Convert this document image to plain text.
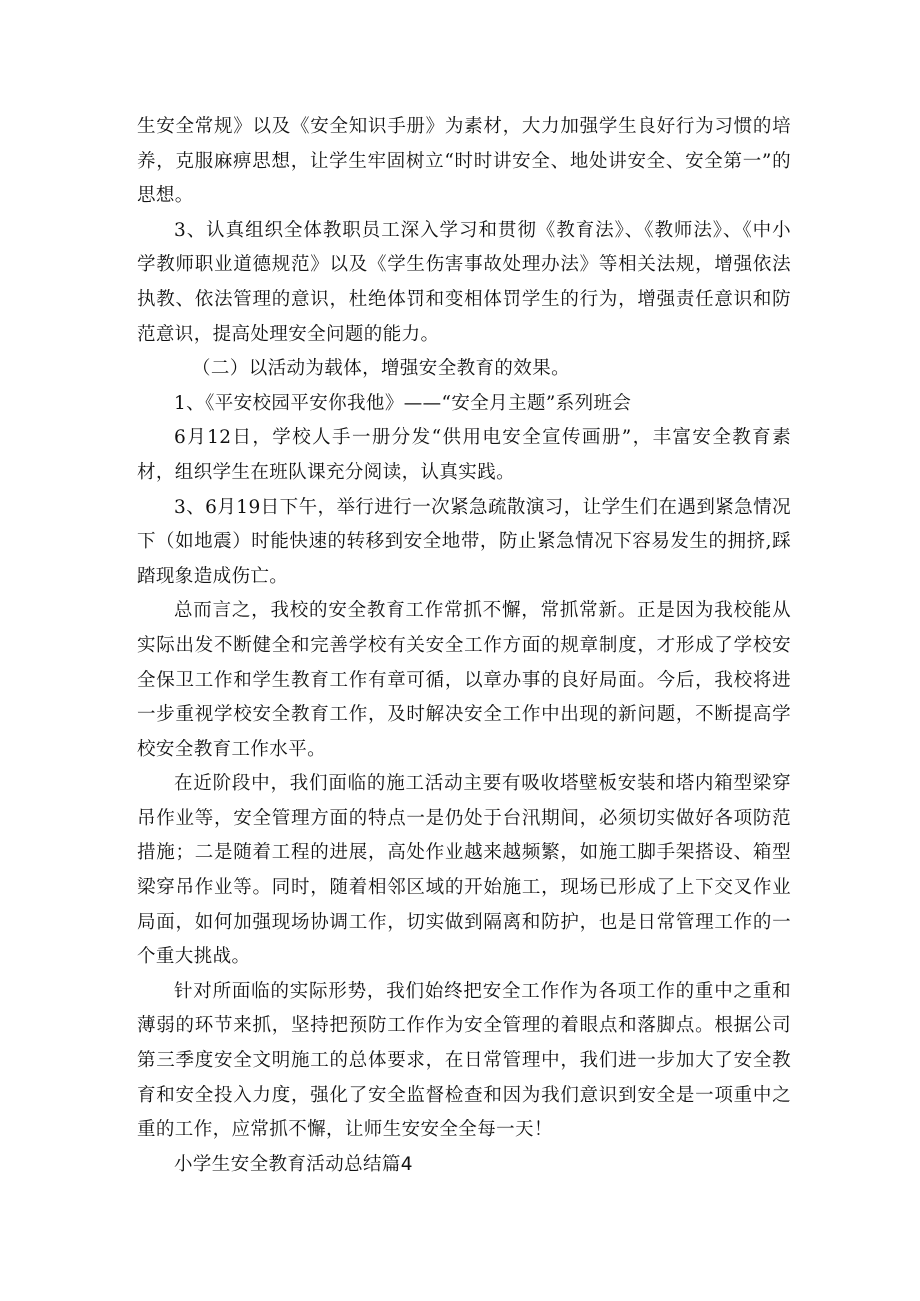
生安全常规》以及《安全知识手册》为素材，大力加强学生良好行为习惯的培养，克服麻痹思想，让学生牢固树立“时时讲安全、地处讲安全、安全第一”的思想。

3、认真组织全体教职员工深入学习和贯彻《教育法》、《教师法》、《中小学教师职业道德规范》以及《学生伤害事故处理办法》等相关法规，增强依法执教、依法管理的意识，杜绝体罚和变相体罚学生的行为，增强责任意识和防范意识，提高处理安全问题的能力。

（二）以活动为载体，增强安全教育的效果。

1、《平安校园平安你我他》——“安全月主题”系列班会

6月12日，学校人手一册分发“供用电安全宣传画册”，丰富安全教育素材，组织学生在班队课充分阅读，认真实践。

3、6月19日下午，举行进行一次紧急疏散演习，让学生们在遇到紧急情况下（如地震）时能快速的转移到安全地带，防止紧急情况下容易发生的拥挤,踩踏现象造成伤亡。

总而言之，我校的安全教育工作常抓不懈，常抓常新。正是因为我校能从实际出发不断健全和完善学校有关安全工作方面的规章制度，才形成了学校安全保卫工作和学生教育工作有章可循，以章办事的良好局面。今后，我校将进一步重视学校安全教育工作，及时解决安全工作中出现的新问题，不断提高学校安全教育工作水平。

在近阶段中，我们面临的施工活动主要有吸收塔壁板安装和塔内箱型梁穿吊作业等，安全管理方面的特点一是仍处于台汛期间，必须切实做好各项防范措施；二是随着工程的进展，高处作业越来越频繁，如施工脚手架搭设、箱型梁穿吊作业等。同时，随着相邻区域的开始施工，现场已形成了上下交叉作业局面，如何加强现场协调工作，切实做到隔离和防护，也是日常管理工作的一个重大挑战。

针对所面临的实际形势，我们始终把安全工作作为各项工作的重中之重和薄弱的环节来抓，坚持把预防工作作为安全管理的着眼点和落脚点。根据公司第三季度安全文明施工的总体要求，在日常管理中，我们进一步加大了安全教育和安全投入力度，强化了安全监督检查和因为我们意识到安全是一项重中之重的工作，应常抓不懈，让师生安安全全每一天！

小学生安全教育活动总结篇4
